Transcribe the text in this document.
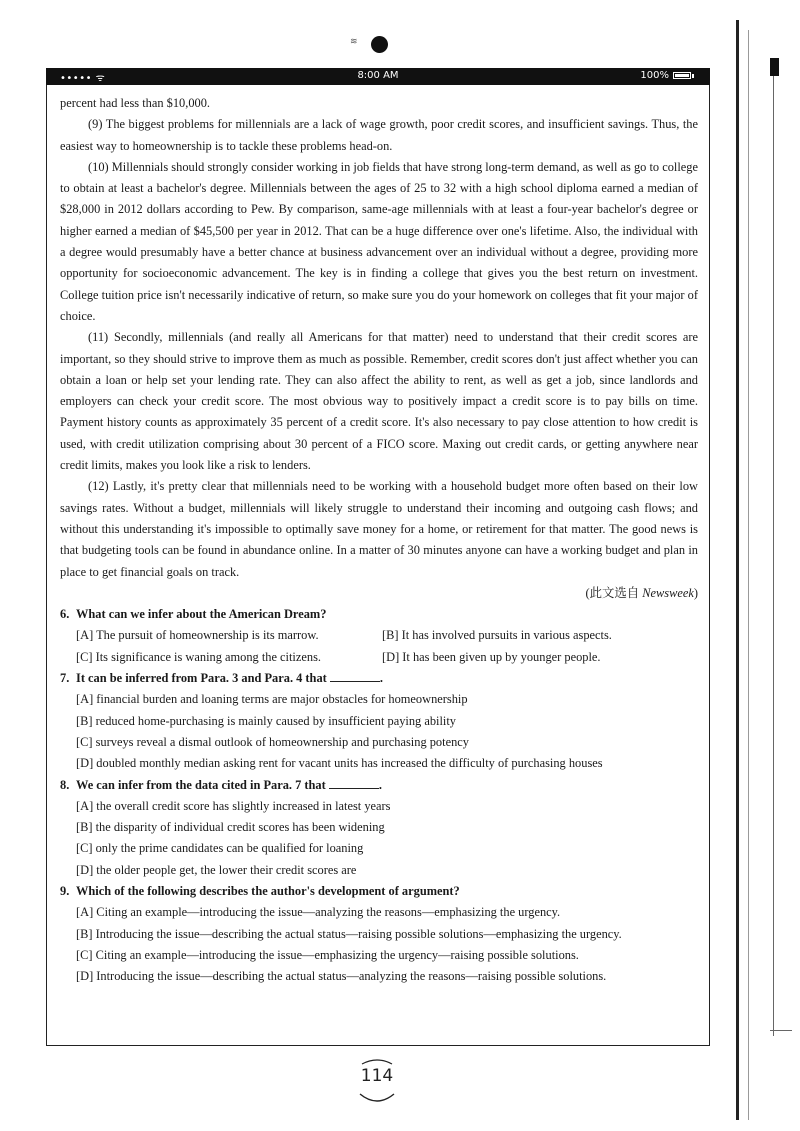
≋
••••• ᯤ	8:00 AM	100%

percent had less than $10,000.

(9) The biggest problems for millennials are a lack of wage growth, poor credit scores, and insufficient savings. Thus, the easiest way to homeownership is to tackle these problems head-on.

(10) Millennials should strongly consider working in job fields that have strong long-term demand, as well as go to college to obtain at least a bachelor's degree. Millennials between the ages of 25 to 32 with a high school diploma earned a median of $28,000 in 2012 dollars according to Pew. By comparison, same-age millennials with at least a four-year bachelor's degree or higher earned a median of $45,500 per year in 2012. That can be a huge difference over one's lifetime. Also, the individual with a degree would presumably have a better chance at business advancement over an individual without a degree, providing more opportunity for socioeconomic advancement. The key is in finding a college that gives you the best return on investment. College tuition price isn't necessarily indicative of return, so make sure you do your homework on colleges that fit your major of choice.

(11) Secondly, millennials (and really all Americans for that matter) need to understand that their credit scores are important, so they should strive to improve them as much as possible. Remember, credit scores don't just affect whether you can obtain a loan or help set your lending rate. They can also affect the ability to rent, as well as get a job, since landlords and employers can check your credit score. The most obvious way to positively impact a credit score is to pay bills on time. Payment history counts as approximately 35 percent of a credit score. It's also necessary to pay close attention to how credit is used, with credit utilization comprising about 30 percent of a FICO score. Maxing out credit cards, or getting anywhere near credit limits, makes you look like a risk to lenders.

(12) Lastly, it's pretty clear that millennials need to be working with a household budget more often based on their low savings rates. Without a budget, millennials will likely struggle to understand their incoming and outgoing cash flows; and without this understanding it's impossible to optimally save money for a home, or retirement for that matter. The good news is that budgeting tools can be found in abundance online. In a matter of 30 minutes anyone can have a working budget and plan in place to get financial goals on track.

(此文选自 Newsweek)

6. What can we infer about the American Dream?

[A] The pursuit of homeownership is its marrow.	[B] It has involved pursuits in various aspects.
[C] Its significance is waning among the citizens.	[D] It has been given up by younger people.

7. It can be inferred from Para. 3 and Para. 4 that	.

[A] financial burden and loaning terms are major obstacles for homeownership

[B] reduced home-purchasing is mainly caused by insufficient paying ability

[C] surveys reveal a dismal outlook of homeownership and purchasing potency

[D] doubled monthly median asking rent for vacant units has increased the difficulty of purchasing houses

8. We can infer from the data cited in Para. 7 that	.

[A] the overall credit score has slightly increased in latest years

[B] the disparity of individual credit scores has been widening

[C] only the prime candidates can be qualified for loaning

[D] the older people get, the lower their credit scores are

9. Which of the following describes the author's development of argument?

[A] Citing an example—introducing the issue—analyzing the reasons—emphasizing the urgency.

[B] Introducing the issue—describing the actual status—raising possible solutions—emphasizing the urgency.

[C] Citing an example—introducing the issue—emphasizing the urgency—raising possible solutions.

[D] Introducing the issue—describing the actual status—analyzing the reasons—raising possible solutions.

114
